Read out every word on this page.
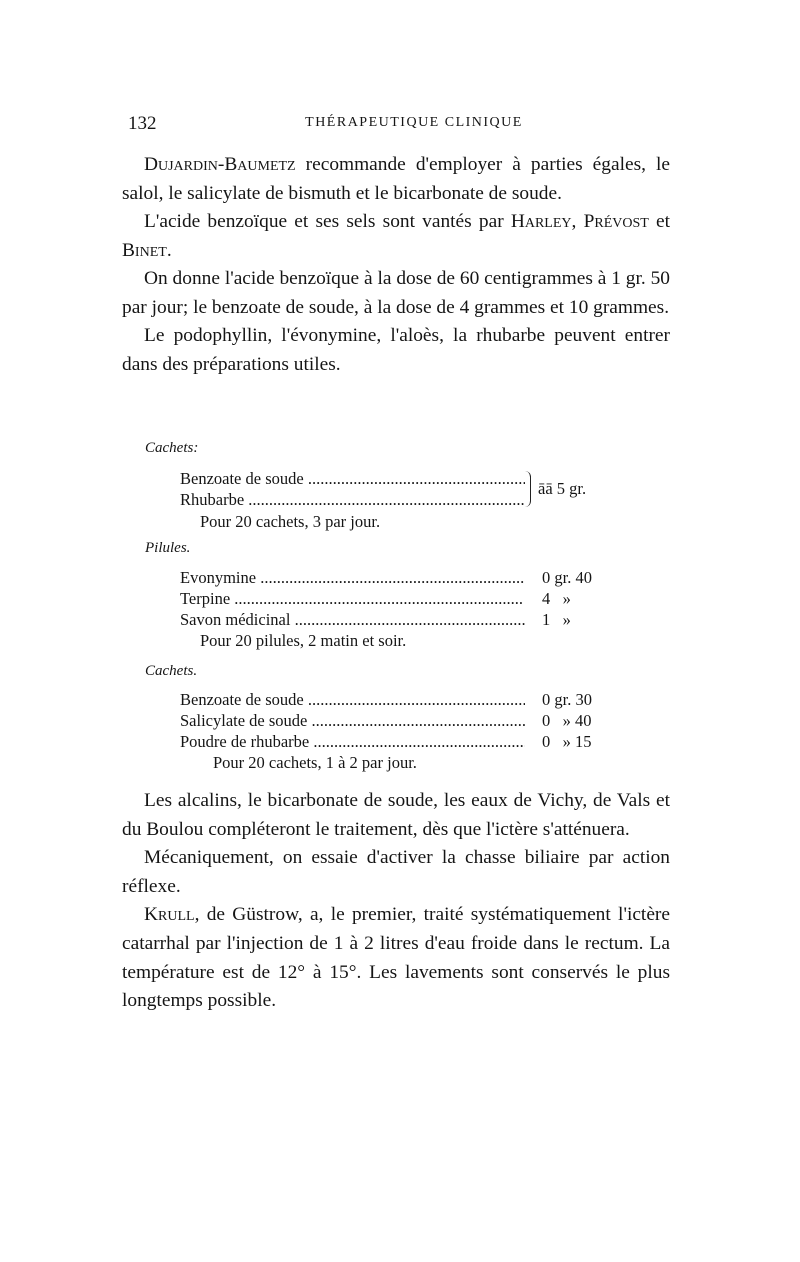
132	THÉRAPEUTIQUE CLINIQUE

Dujardin-Baumetz recommande d'employer à parties égales, le salol, le salicylate de bismuth et le bicarbonate de soude.

L'acide benzoïque et ses sels sont vantés par Harley, Prévost et Binet.

On donne l'acide benzoïque à la dose de 60 centigrammes à 1 gr. 50 par jour; le benzoate de soude, à la dose de 4 grammes et 10 grammes.

Le podophyllin, l'évonymine, l'aloès, la rhubarbe peuvent entrer dans des préparations utiles.

Cachets:
Benzoate de soude .....
Rhubarbe .....
āā 5 gr.
Pour 20 cachets, 3 par jour.
Pilules.
Evonymine .....	0 gr. 40
Terpine .....	4   »
Savon médicinal .....	1   »
Pour 20 pilules, 2 matin et soir.
Cachets.
Benzoate de soude .....	0 gr. 30
Salicylate de soude .....	0   » 40
Poudre de rhubarbe .....	0   » 15
Pour 20 cachets, 1 à 2 par jour.

Les alcalins, le bicarbonate de soude, les eaux de Vichy, de Vals et du Boulou compléteront le traitement, dès que l'ictère s'atténuera.

Mécaniquement, on essaie d'activer la chasse biliaire par action réflexe.

Krull, de Güstrow, a, le premier, traité systématiquement l'ictère catarrhal par l'injection de 1 à 2 litres d'eau froide dans le rectum. La température est de 12° à 15°. Les lavements sont conservés le plus longtemps possible.
